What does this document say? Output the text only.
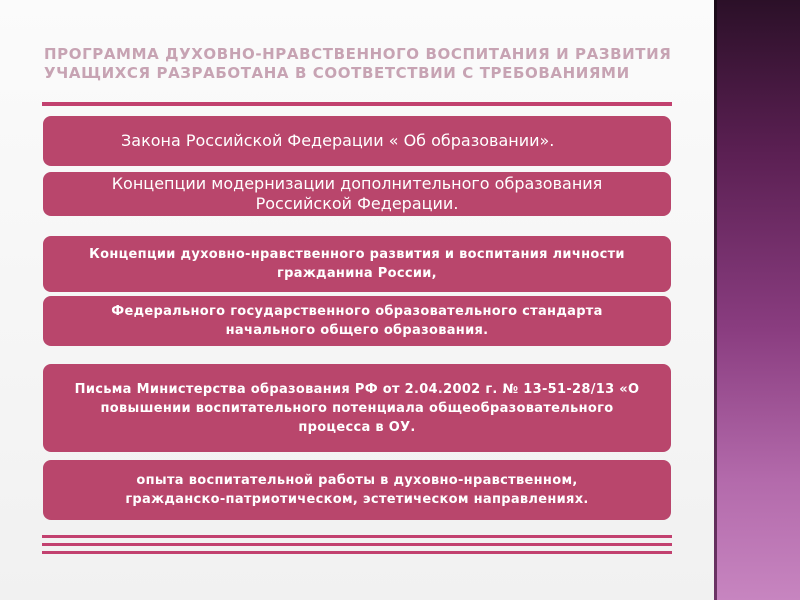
ПРОГРАММА ДУХОВНО-НРАВСТВЕННОГО ВОСПИТАНИЯ И РАЗВИТИЯ
УЧАЩИХСЯ РАЗРАБОТАНА В СООТВЕТСТВИИ С ТРЕБОВАНИЯМИ
Закона Российской Федерации « Об образовании».
Концепции модернизации дополнительного образования Российской Федерации.
Концепции духовно-нравственного развития и воспитания личности гражданина России,
Федерального государственного образовательного стандарта начального общего образования.
Письма Министерства образования РФ от 2.04.2002 г. № 13-51-28/13 «О повышении воспитательного потенциала общеобразовательного процесса в ОУ.
опыта воспитательной работы в духовно-нравственном, гражданско-патриотическом, эстетическом направлениях.
